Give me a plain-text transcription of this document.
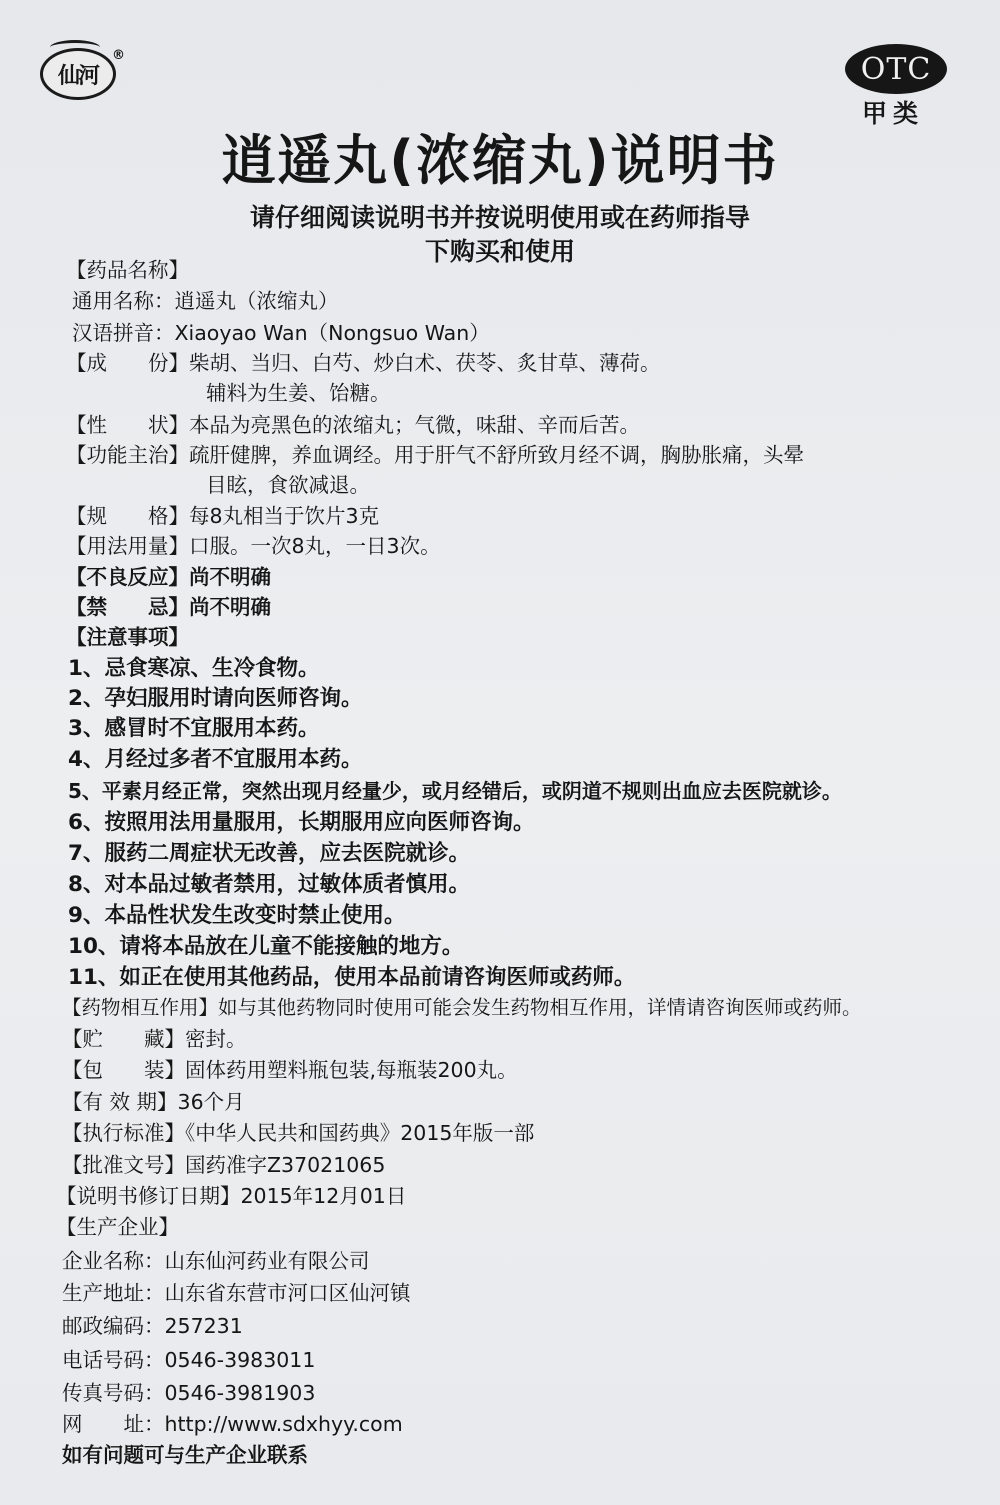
仙河
®	OTC
甲类
逍遥丸(浓缩丸)说明书

请仔细阅读说明书并按说明使用或在药师指导

下购买和使用

【药品名称】
通用名称：逍遥丸（浓缩丸）
汉语拼音：Xiaoyao Wan（Nongsuo Wan）
【成　　份】柴胡、当归、白芍、炒白术、茯苓、炙甘草、薄荷。
辅料为生姜、饴糖。
【性　　状】本品为亮黑色的浓缩丸；气微，味甜、辛而后苦。
【功能主治】疏肝健脾，养血调经。用于肝气不舒所致月经不调，胸胁胀痛，头晕
目眩，食欲减退。
【规　　格】每8丸相当于饮片3克
【用法用量】口服。一次8丸，一日3次。
【不良反应】尚不明确
【禁　　忌】尚不明确
【注意事项】
1、忌食寒凉、生冷食物。
2、孕妇服用时请向医师咨询。
3、感冒时不宜服用本药。
4、月经过多者不宜服用本药。
5、平素月经正常，突然出现月经量少，或月经错后，或阴道不规则出血应去医院就诊。
6、按照用法用量服用，长期服用应向医师咨询。
7、服药二周症状无改善，应去医院就诊。
8、对本品过敏者禁用，过敏体质者慎用。
9、本品性状发生改变时禁止使用。
10、请将本品放在儿童不能接触的地方。
11、如正在使用其他药品，使用本品前请咨询医师或药师。
【药物相互作用】如与其他药物同时使用可能会发生药物相互作用，详情请咨询医师或药师。
【贮　　藏】密封。
【包　　装】固体药用塑料瓶包装,每瓶装200丸。
【有 效 期】36个月
【执行标准】《中华人民共和国药典》2015年版一部
【批准文号】国药准字Z37021065
【说明书修订日期】2015年12月01日
【生产企业】
企业名称：山东仙河药业有限公司
生产地址：山东省东营市河口区仙河镇
邮政编码：257231
电话号码：0546-3983011
传真号码：0546-3981903
网　　址：http://www.sdxhyy.com
如有问题可与生产企业联系
